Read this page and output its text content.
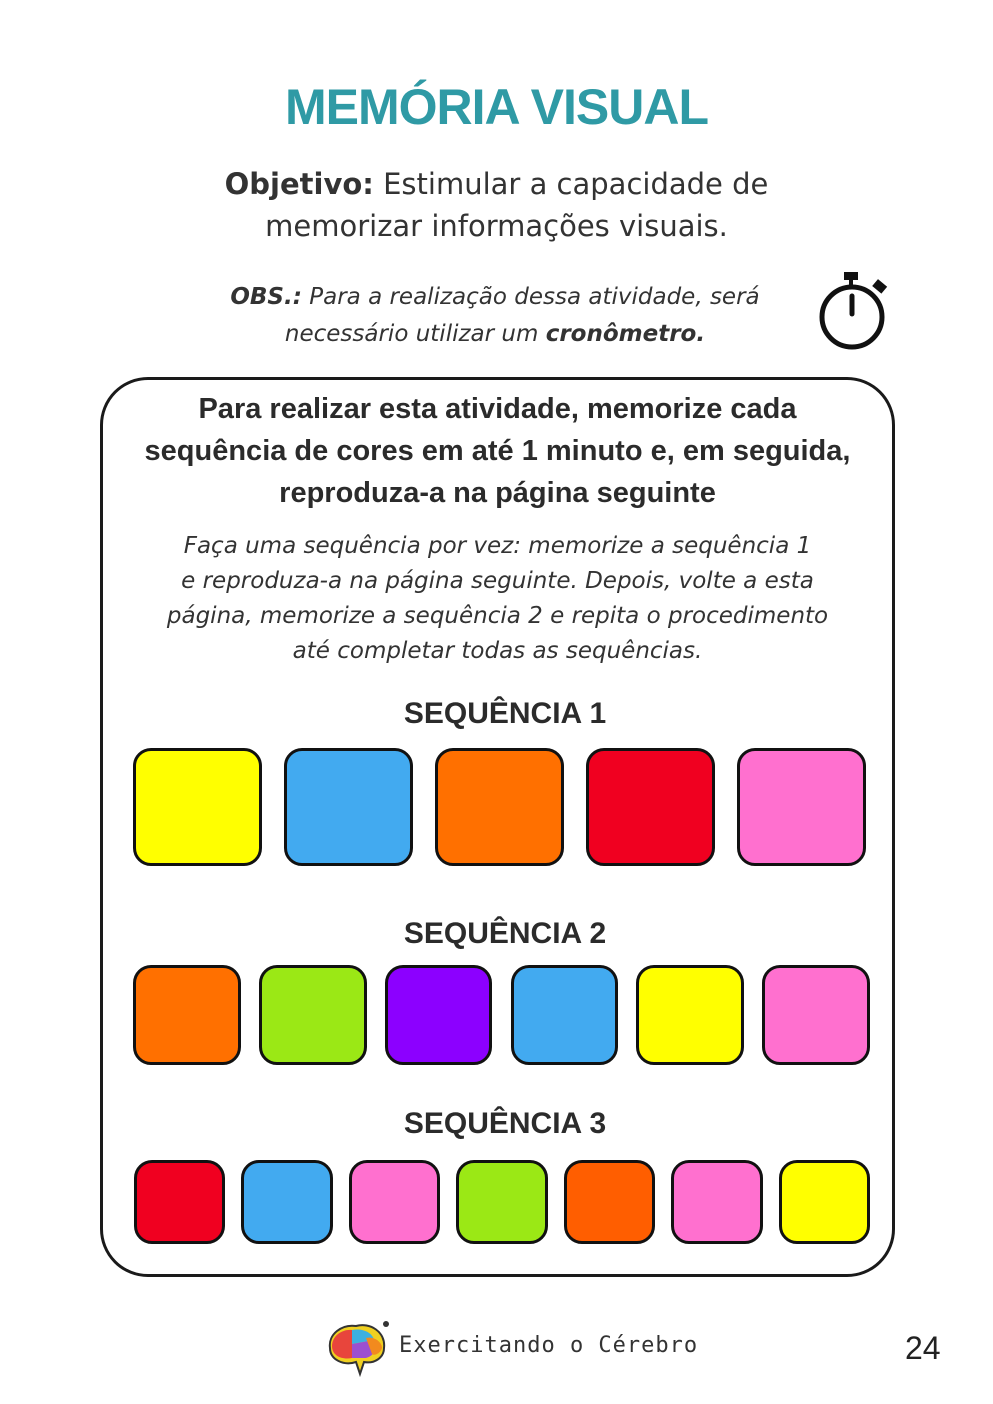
MEMÓRIA VISUAL
Objetivo: Estimular a capacidade de
memorizar informações visuais.
OBS.: Para a realização dessa atividade, será
necessário utilizar um cronômetro.
Para realizar esta atividade, memorize cada
sequência de cores em até 1 minuto e, em seguida,
reproduza-a na página seguinte
Faça uma sequência por vez: memorize a sequência 1
e reproduza-a na página seguinte. Depois, volte a esta
página, memorize a sequência 2 e repita o procedimento
até completar todas as sequências.
SEQUÊNCIA 1
SEQUÊNCIA 2
SEQUÊNCIA 3
Exercitando o Cérebro	24
